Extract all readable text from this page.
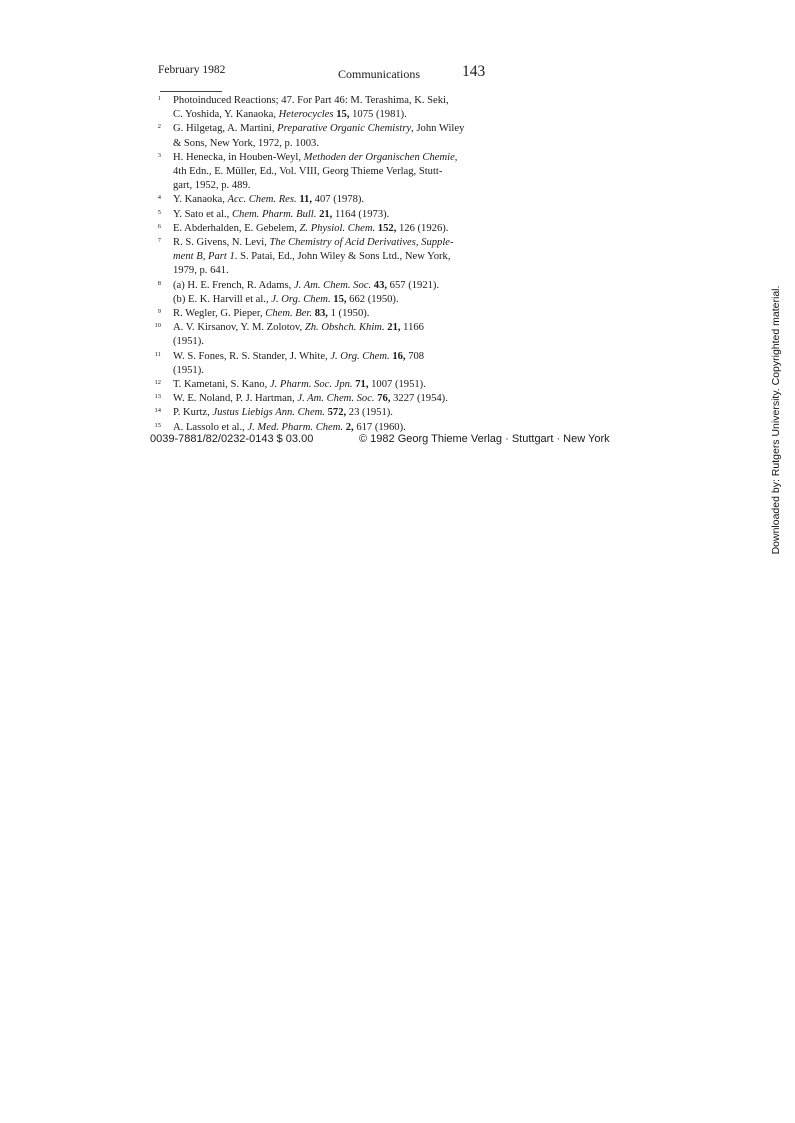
February 1982	Communications	143
1 Photoinduced Reactions; 47. For Part 46: M. Terashima, K. Seki,
C. Yoshida, Y. Kanaoka, Heterocycles 15, 1075 (1981).
2 G. Hilgetag, A. Martini, Preparative Organic Chemistry, John Wiley
& Sons, New York, 1972, p. 1003.
3 H. Henecka, in Houben-Weyl, Methoden der Organischen Chemie,
4th Edn., E. Müller, Ed., Vol. VIII, Georg Thieme Verlag, Stutt-
gart, 1952, p. 489.
4 Y. Kanaoka, Acc. Chem. Res. 11, 407 (1978).
5 Y. Sato et al., Chem. Pharm. Bull. 21, 1164 (1973).
6 E. Abderhalden, E. Gebelem, Z. Physiol. Chem. 152, 126 (1926).
7 R. S. Givens, N. Levi, The Chemistry of Acid Derivatives, Supple-
ment B, Part 1. S. Patai, Ed., John Wiley & Sons Ltd., New York,
1979, p. 641.
8 (a) H. E. French, R. Adams, J. Am. Chem. Soc. 43, 657 (1921).
(b) E. K. Harvill et al., J. Org. Chem. 15, 662 (1950).
9 R. Wegler, G. Pieper, Chem. Ber. 83, 1 (1950).
10 A. V. Kirsanov, Y. M. Zolotov, Zh. Obshch. Khim. 21, 1166
(1951).
11 W. S. Fones, R. S. Stander, J. White, J. Org. Chem. 16, 708
(1951).
12 T. Kametani, S. Kano, J. Pharm. Soc. Jpn. 71, 1007 (1951).
13 W. E. Noland, P. J. Hartman, J. Am. Chem. Soc. 76, 3227 (1954).
14 P. Kurtz, Justus Liebigs Ann. Chem. 572, 23 (1951).
15 A. Lassolo et al., J. Med. Pharm. Chem. 2, 617 (1960).
0039-7881/82/0232-0143 $ 03.00	© 1982 Georg Thieme Verlag · Stuttgart · New York	Downloaded by: Rutgers University. Copyrighted material.
